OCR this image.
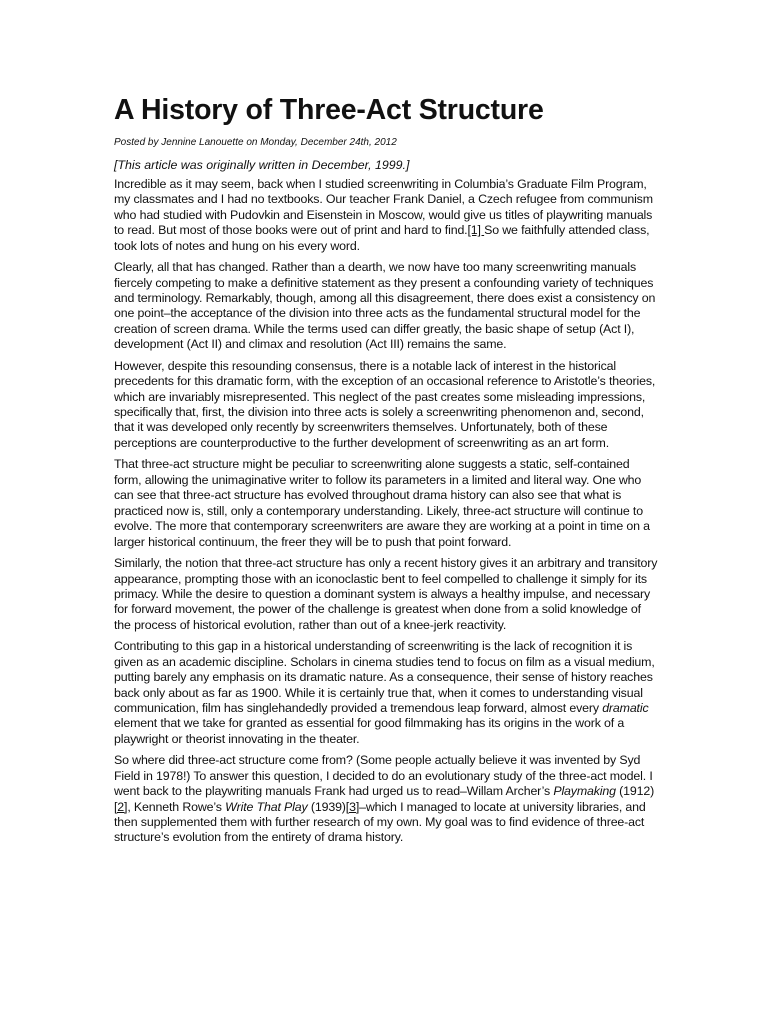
A History of Three-Act Structure
Posted by Jennine Lanouette on Monday, December 24th, 2012
[This article was originally written in December, 1999.]

Incredible as it may seem, back when I studied screenwriting in Columbia’s Graduate Film Program, my classmates and I had no textbooks. Our teacher Frank Daniel, a Czech refugee from communism who had studied with Pudovkin and Eisenstein in Moscow, would give us titles of playwriting manuals to read. But most of those books were out of print and hard to find.[1] So we faithfully attended class, took lots of notes and hung on his every word.

Clearly, all that has changed. Rather than a dearth, we now have too many screenwriting manuals fiercely competing to make a definitive statement as they present a confounding variety of techniques and terminology. Remarkably, though, among all this disagreement, there does exist a consistency on one point–the acceptance of the division into three acts as the fundamental structural model for the creation of screen drama. While the terms used can differ greatly, the basic shape of setup (Act I), development (Act II) and climax and resolution (Act III) remains the same.

However, despite this resounding consensus, there is a notable lack of interest in the historical precedents for this dramatic form, with the exception of an occasional reference to Aristotle’s theories, which are invariably misrepresented. This neglect of the past creates some misleading impressions, specifically that, first, the division into three acts is solely a screenwriting phenomenon and, second, that it was developed only recently by screenwriters themselves. Unfortunately, both of these perceptions are counterproductive to the further development of screenwriting as an art form.

That three-act structure might be peculiar to screenwriting alone suggests a static, self-contained form, allowing the unimaginative writer to follow its parameters in a limited and literal way. One who can see that three-act structure has evolved throughout drama history can also see that what is practiced now is, still, only a contemporary understanding. Likely, three-act structure will continue to evolve. The more that contemporary screenwriters are aware they are working at a point in time on a larger historical continuum, the freer they will be to push that point forward.

Similarly, the notion that three-act structure has only a recent history gives it an arbitrary and transitory appearance, prompting those with an iconoclastic bent to feel compelled to challenge it simply for its primacy. While the desire to question a dominant system is always a healthy impulse, and necessary for forward movement, the power of the challenge is greatest when done from a solid knowledge of the process of historical evolution, rather than out of a knee-jerk reactivity.

Contributing to this gap in a historical understanding of screenwriting is the lack of recognition it is given as an academic discipline. Scholars in cinema studies tend to focus on film as a visual medium, putting barely any emphasis on its dramatic nature. As a consequence, their sense of history reaches back only about as far as 1900. While it is certainly true that, when it comes to understanding visual communication, film has singlehandedly provided a tremendous leap forward, almost every dramatic element that we take for granted as essential for good filmmaking has its origins in the work of a playwright or theorist innovating in the theater.

So where did three-act structure come from? (Some people actually believe it was invented by Syd Field in 1978!) To answer this question, I decided to do an evolutionary study of the three-act model. I went back to the playwriting manuals Frank had urged us to read–Willam Archer’s Playmaking (1912)[2], Kenneth Rowe’s Write That Play (1939)[3]–which I managed to locate at university libraries, and then supplemented them with further research of my own. My goal was to find evidence of three-act structure’s evolution from the entirety of drama history.
